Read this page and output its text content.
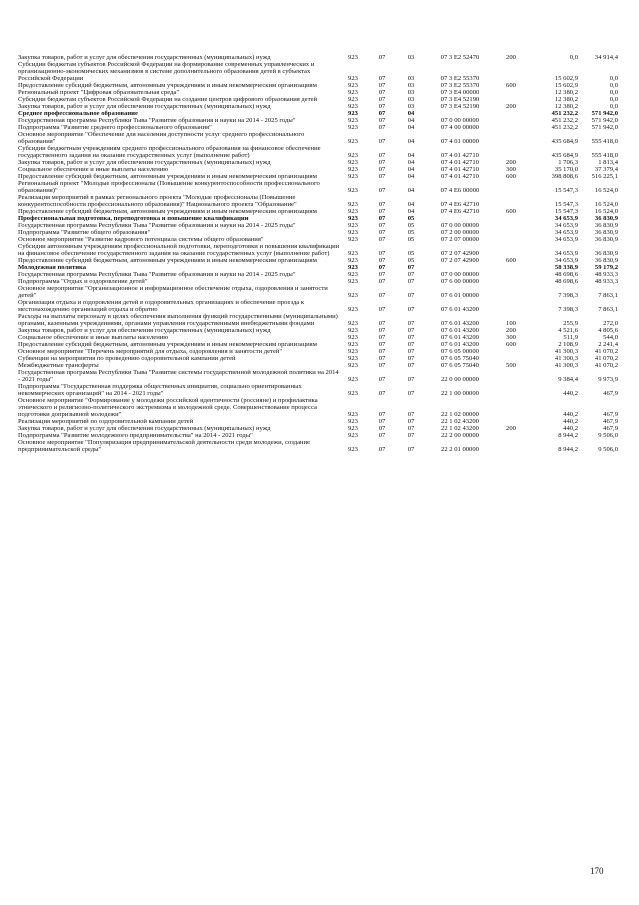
Закупка товаров, работ и услуг для обеспечения государственных (муниципальных) нужд	923	07	03	07 3 E2 52470	200	0,0	34 914,4
Субсидии бюджетам субъектов Российской Федерации на формирование современных управленческих и организационно-экономических механизмов в системе дополнительного образования детей в субъектах Российской Федерации	923	07	03	07 3 E2 55370		15 602,9	0,0
Предоставление субсидий бюджетным, автономным учреждениям и иным некоммерческим организациям	923	07	03	07 3 E2 55370	600	15 602,9	0,0
Региональный проект "Цифровая образовательная среда"	923	07	03	07 3 E4 00000		12 380,2	0,0
Субсидии бюджетам субъектов Российской Федерации на создание центров цифрового образования детей	923	07	03	07 3 E4 52190		12 380,2	0,0
Закупка товаров, работ и услуг для обеспечения государственных (муниципальных) нужд	923	07	03	07 3 E4 52190	200	12 380,2	0,0
Среднее профессиональное образование	923	07	04			451 232,2	571 942,0
Государственная программа Республики Тыва "Развитие образования и науки на 2014 - 2025 годы"	923	07	04	07 0 00 00000		451 232,2	571 942,0
Подпрограмма "Развитие среднего профессионального образования"	923	07	04	07 4 00 00000		451 232,2	571 942,0
Основное мероприятие "Обеспечение для населения доступности услуг среднего профессионального образования"	923	07	04	07 4 01 00000		435 684,9	555 418,0
Субсидии бюджетным учреждениям среднего профессионального образования на финансовое обеспечение государственного задания на оказание государственных услуг (выполнение работ)	923	07	04	07 4 01 42710		435 684,9	555 418,0
Закупка товаров, работ и услуг для обеспечения государственных (муниципальных) нужд	923	07	04	07 4 01 42710	200	1 706,3	1 813,4
Социальное обеспечение и иные выплаты населению	923	07	04	07 4 01 42710	300	35 170,0	37 379,4
Предоставление субсидий бюджетным, автономным учреждениям и иным некоммерческим организациям	923	07	04	07 4 01 42710	600	398 808,6	516 225,1
Региональный проект "Молодые профессионалы (Повышение конкурентоспособности профессионального образования)"	923	07	04	07 4 E6 00000		15 547,3	16 524,0
Реализация мероприятий в рамках регионального проекта "Молодые профессионалы (Повышение конкурентоспособности профессионального образования)" Национального проекта "Образование"	923	07	04	07 4 E6 42710		15 547,3	16 524,0
Предоставление субсидий бюджетным, автономным учреждениям и иным некоммерческим организациям	923	07	04	07 4 E6 42710	600	15 547,3	16 524,0
Профессиональная подготовка, переподготовка и повышение квалификации	923	07	05			34 653,9	36 830,9
Государственная программа Республики Тыва "Развитие образования и науки на 2014 - 2025 годы"	923	07	05	07 0 00 00000		34 653,9	36 830,9
Подпрограмма "Развитие общего образования"	923	07	05	07 2 00 00000		34 653,9	36 830,9
Основное мероприятие "Развитие кадрового потенциала системы общего образования"	923	07	05	07 2 07 00000		34 653,9	36 830,9
Субсидии автономным учреждениям профессиональной подготовки, переподготовки и повышения квалификации на финансовое обеспечение государственного задания на оказание государственных услуг (выполнение работ)	923	07	05	07 2 07 42900		34 653,9	36 830,9
Предоставление субсидий бюджетным, автономным учреждениям и иным некоммерческим организациям	923	07	05	07 2 07 42900	600	34 653,9	36 830,9
Молодежная политика	923	07	07			58 338,9	59 179,2
Государственная программа Республики Тыва "Развитие образования и науки на 2014 - 2025 годы"	923	07	07	07 0 00 00000		48 698,6	48 933,3
Подпрограмма "Отдых и оздоровление детей"	923	07	07	07 6 00 00000		48 698,6	48 933,3
Основное мероприятие "Организационное и информационное обеспечение отдыха, оздоровления и занятости детей"	923	07	07	07 6 01 00000		7 398,3	7 863,1
Организация отдыха и оздоровления детей в оздоровительных организациях и обеспечение проезда к местонахождению организаций отдыха и обратно	923	07	07	07 6 01 43200		7 398,3	7 863,1
Расходы на выплаты персоналу в целях обеспечения выполнения функций государственными (муниципальными) органами, казенными учреждениями, органами управления государственными внебюджетными фондами	923	07	07	07 6 01 43200	100	255,9	272,0
Закупка товаров, работ и услуг для обеспечения государственных (муниципальных) нужд	923	07	07	07 6 01 43200	200	4 521,6	4 805,6
Социальное обеспечение и иные выплаты населению	923	07	07	07 6 01 43200	300	511,9	544,0
Предоставление субсидий бюджетным, автономным учреждениям и иным некоммерческим организациям	923	07	07	07 6 01 43200	600	2 108,9	2 241,4
Основное мероприятие "Перечень мероприятий для отдыха, оздоровления и занятости детей"	923	07	07	07 6 05 00000		41 300,3	41 070,2
Субвенции на мероприятия по проведению оздоровительной кампании детей	923	07	07	07 6 05 75040		41 300,3	41 070,2
Межбюджетные трансферты	923	07	07	07 6 05 75040	500	41 300,3	41 070,2
Государственная программа Республики Тыва "Развитие системы государственной молодежной политики на 2014 - 2021 годы"	923	07	07	22 0 00 00000		9 384,4	9 973,9
Подпрограмма "Государственная поддержка общественных инициатив, социально ориентированных некоммерческих организаций" на 2014 - 2021 годы"	923	07	07	22 1 00 00000		440,2	467,9
Основное мероприятие "Формирование у молодежи российской идентичности (россияне) и профилактика этнического и религиозно-политического экстремизма в молодежной среде. Совершенствование процесса подготовки допризывной молодежи"	923	07	07	22 1 02 00000		440,2	467,9
Реализация мероприятий по оздоровительной кампании детей	923	07	07	22 1 02 43200		440,2	467,9
Закупка товаров, работ и услуг для обеспечения государственных (муниципальных) нужд	923	07	07	22 1 02 43200	200	440,2	467,9
Подпрограмма "Развитие молодежного предпринимательства" на 2014 - 2021 годы"	923	07	07	22 2 00 00000		8 944,2	9 506,0
Основное мероприятие "Популяризация предпринимательской деятельности среди молодежи, создание предпринимательской среды"	923	07	07	22 2 01 00000		8 944,2	9 506,0
170
